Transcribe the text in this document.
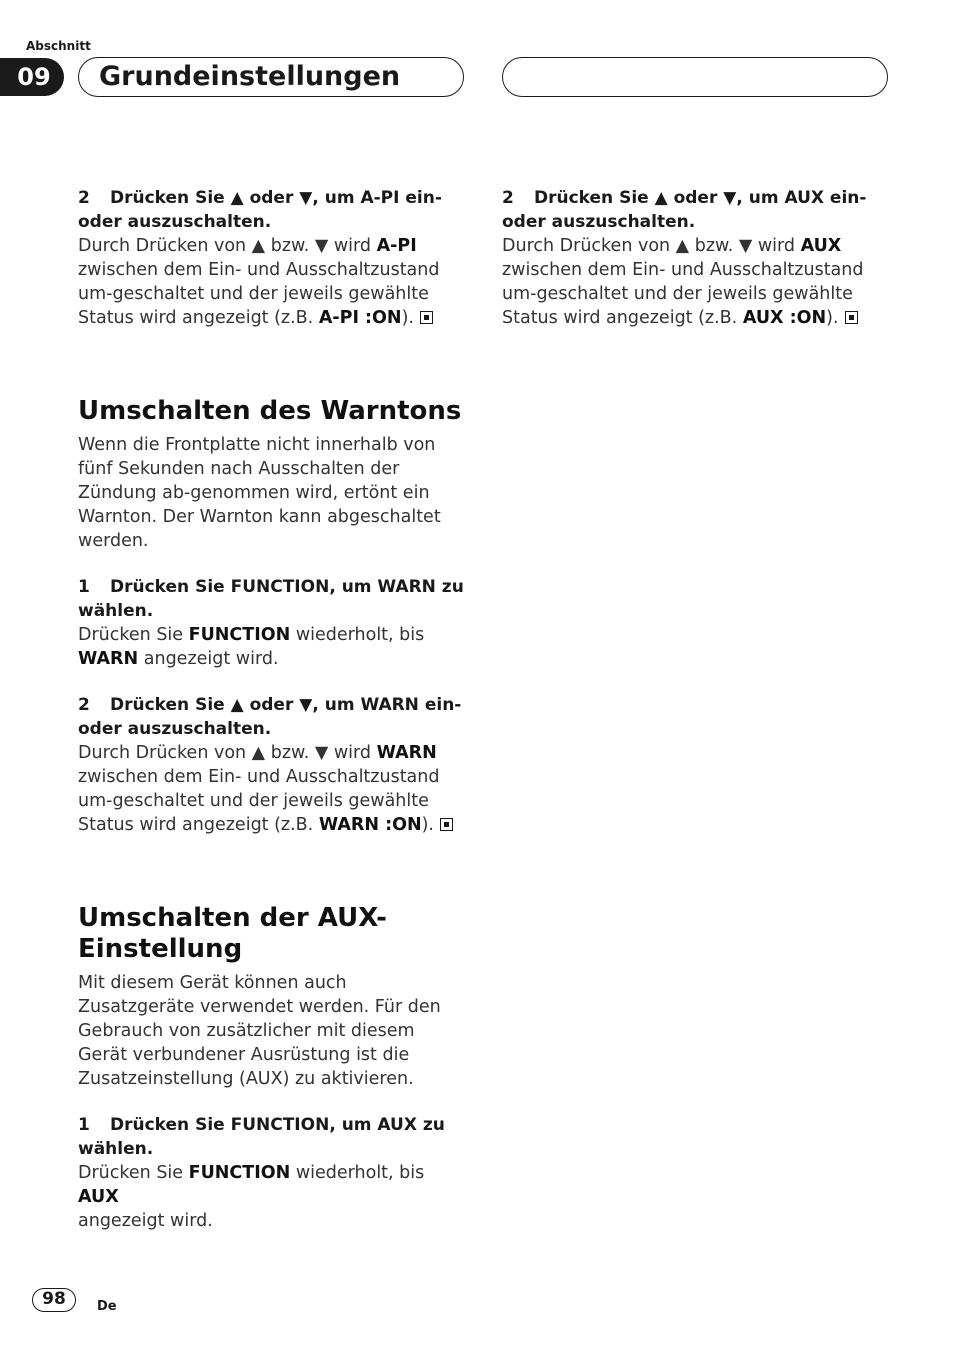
Abschnitt
09	Grundeinstellungen
2 Drücken Sie ▲ oder ▼, um A-PI ein-
oder auszuschalten.

Durch Drücken von ▲ bzw. ▼ wird A-PI zwischen dem Ein- und Ausschaltzustand um-geschaltet und der jeweils gewählte Status wird angezeigt (z.B. A-PI :ON).

Umschalten des Warntons

Wenn die Frontplatte nicht innerhalb von fünf Sekunden nach Ausschalten der Zündung ab-genommen wird, ertönt ein Warnton. Der Warnton kann abgeschaltet werden.

1 Drücken Sie FUNCTION, um WARN zu
wählen.

Drücken Sie FUNCTION wiederholt, bis
WARN angezeigt wird.

2 Drücken Sie ▲ oder ▼, um WARN ein-
oder auszuschalten.

Durch Drücken von ▲ bzw. ▼ wird WARN zwischen dem Ein- und Ausschaltzustand um-geschaltet und der jeweils gewählte Status wird angezeigt (z.B. WARN :ON).

Umschalten der AUX-
Einstellung

Mit diesem Gerät können auch Zusatzgeräte verwendet werden. Für den Gebrauch von zusätzlicher mit diesem Gerät verbundener Ausrüstung ist die Zusatzeinstellung (AUX) zu aktivieren.

1 Drücken Sie FUNCTION, um AUX zu
wählen.

Drücken Sie FUNCTION wiederholt, bis AUX
angezeigt wird.

2 Drücken Sie ▲ oder ▼, um AUX ein-
oder auszuschalten.

Durch Drücken von ▲ bzw. ▼ wird AUX zwischen dem Ein- und Ausschaltzustand um-geschaltet und der jeweils gewählte Status wird angezeigt (z.B. AUX :ON).

98	De
